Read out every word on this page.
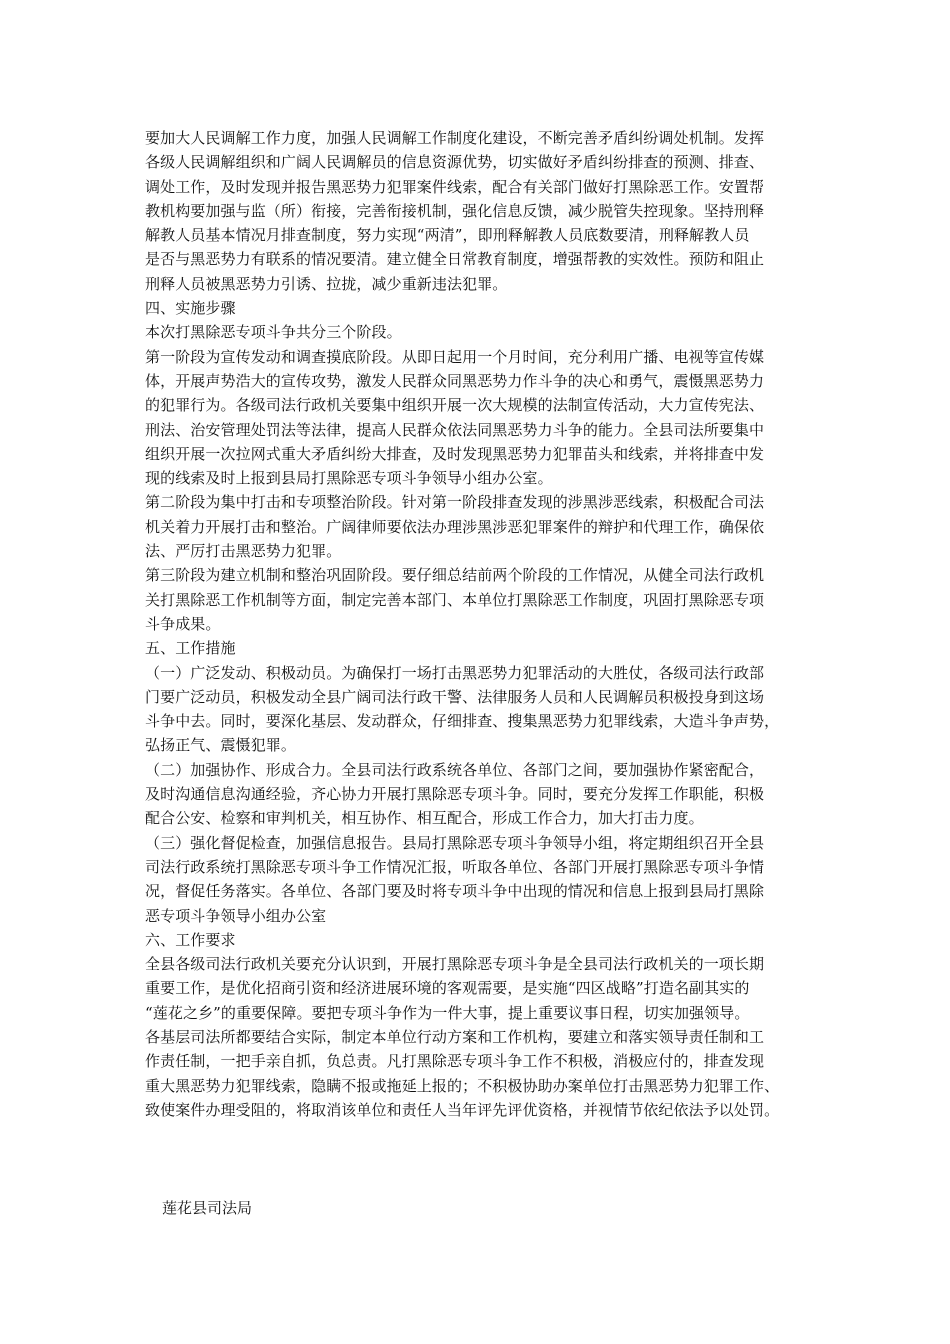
要加大人民调解工作力度，加强人民调解工作制度化建设，不断完善矛盾纠纷调处机制。发挥
各级人民调解组织和广阔人民调解员的信息资源优势，切实做好矛盾纠纷排查的预测、排查、
调处工作，及时发现并报告黑恶势力犯罪案件线索，配合有关部门做好打黑除恶工作。安置帮
教机构要加强与监（所）衔接，完善衔接机制，强化信息反馈，减少脱管失控现象。坚持刑释
解教人员基本情况月排查制度，努力实现“两清”，即刑释解教人员底数要清，刑释解教人员
是否与黑恶势力有联系的情况要清。建立健全日常教育制度，增强帮教的实效性。预防和阻止
刑释人员被黑恶势力引诱、拉拢，减少重新违法犯罪。
四、实施步骤
本次打黑除恶专项斗争共分三个阶段。
第一阶段为宣传发动和调查摸底阶段。从即日起用一个月时间，充分利用广播、电视等宣传媒
体，开展声势浩大的宣传攻势，激发人民群众同黑恶势力作斗争的决心和勇气，震慑黑恶势力
的犯罪行为。各级司法行政机关要集中组织开展一次大规模的法制宣传活动，大力宣传宪法、
刑法、治安管理处罚法等法律，提高人民群众依法同黑恶势力斗争的能力。全县司法所要集中
组织开展一次拉网式重大矛盾纠纷大排查，及时发现黑恶势力犯罪苗头和线索，并将排查中发
现的线索及时上报到县局打黑除恶专项斗争领导小组办公室。
第二阶段为集中打击和专项整治阶段。针对第一阶段排查发现的涉黑涉恶线索，积极配合司法
机关着力开展打击和整治。广阔律师要依法办理涉黑涉恶犯罪案件的辩护和代理工作，确保依
法、严厉打击黑恶势力犯罪。
第三阶段为建立机制和整治巩固阶段。要仔细总结前两个阶段的工作情况，从健全司法行政机
关打黑除恶工作机制等方面，制定完善本部门、本单位打黑除恶工作制度，巩固打黑除恶专项
斗争成果。
五、工作措施
（一）广泛发动、积极动员。为确保打一场打击黑恶势力犯罪活动的大胜仗，各级司法行政部
门要广泛动员，积极发动全县广阔司法行政干警、法律服务人员和人民调解员积极投身到这场
斗争中去。同时，要深化基层、发动群众，仔细排查、搜集黑恶势力犯罪线索，大造斗争声势，
弘扬正气、震慑犯罪。
（二）加强协作、形成合力。全县司法行政系统各单位、各部门之间，要加强协作紧密配合，
及时沟通信息沟通经验，齐心协力开展打黑除恶专项斗争。同时，要充分发挥工作职能，积极
配合公安、检察和审判机关，相互协作、相互配合，形成工作合力，加大打击力度。
（三）强化督促检查，加强信息报告。县局打黑除恶专项斗争领导小组，将定期组织召开全县
司法行政系统打黑除恶专项斗争工作情况汇报，听取各单位、各部门开展打黑除恶专项斗争情
况，督促任务落实。各单位、各部门要及时将专项斗争中出现的情况和信息上报到县局打黑除
恶专项斗争领导小组办公室
六、工作要求
全县各级司法行政机关要充分认识到，开展打黑除恶专项斗争是全县司法行政机关的一项长期
重要工作，是优化招商引资和经济进展环境的客观需要，是实施“四区战略”打造名副其实的
“莲花之乡”的重要保障。要把专项斗争作为一件大事，提上重要议事日程，切实加强领导。
各基层司法所都要结合实际，制定本单位行动方案和工作机构，要建立和落实领导责任制和工
作责任制，一把手亲自抓，负总责。凡打黑除恶专项斗争工作不积极，消极应付的，排查发现
重大黑恶势力犯罪线索，隐瞒不报或拖延上报的；不积极协助办案单位打击黑恶势力犯罪工作、
致使案件办理受阻的，将取消该单位和责任人当年评先评优资格，并视情节依纪依法予以处罚。
莲花县司法局
